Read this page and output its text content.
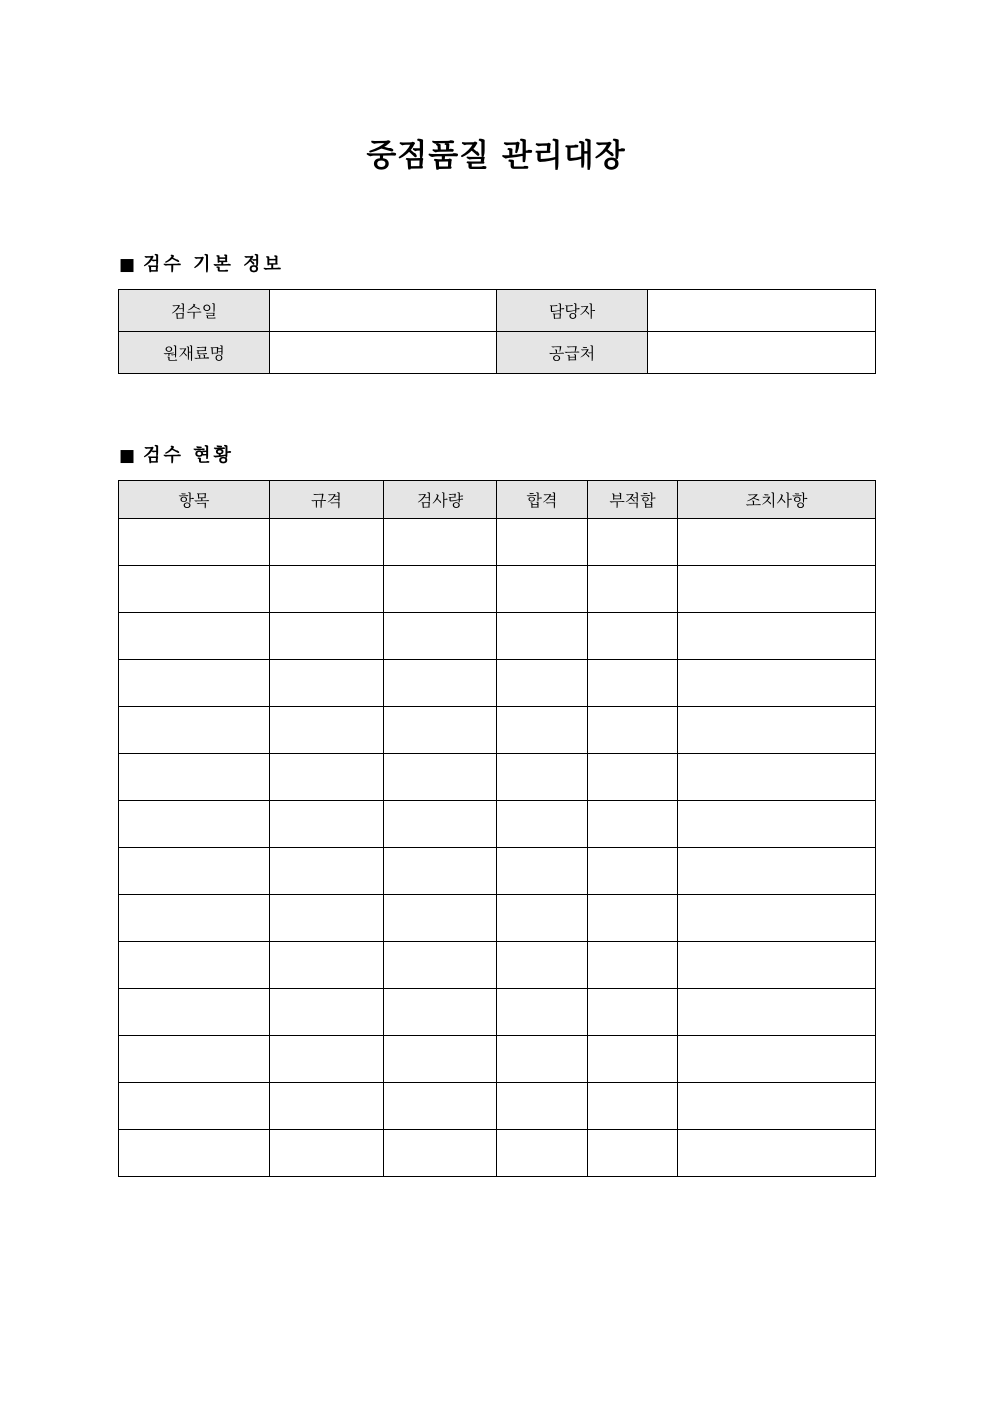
중점품질 관리대장
■ 검수 기본 정보
검수일		담당자	
원재료명		공급처	
■ 검수 현황
항목	규격	검사량	합격	부적합	조치사항
